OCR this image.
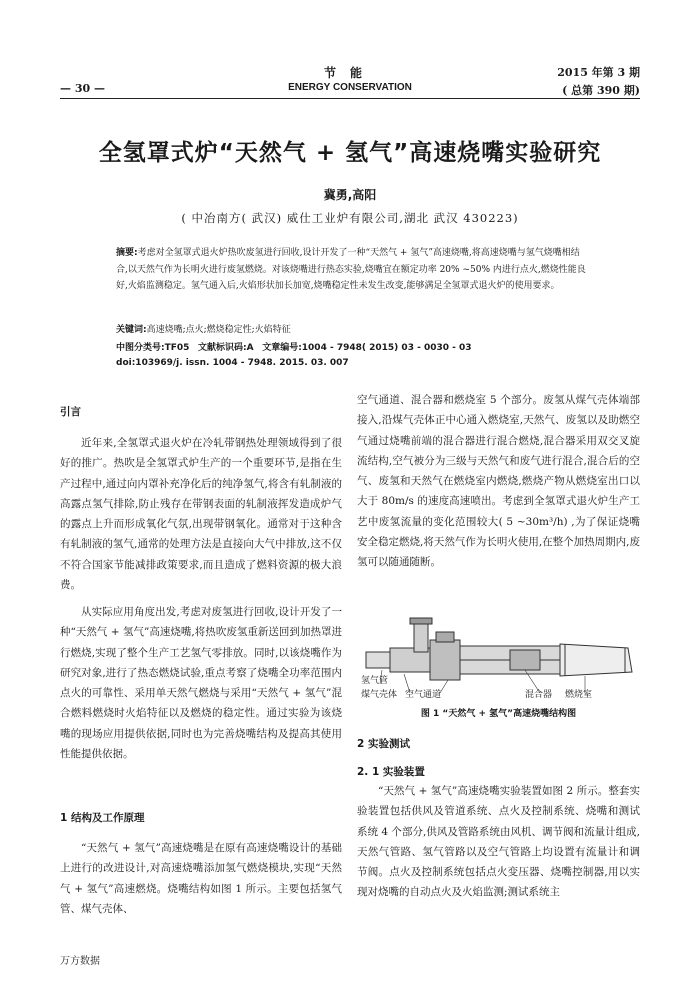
节能
ENERGY CONSERVATION
— 30 —
2015 年第 3 期
( 总第 390 期)
全氢罩式炉“天然气 + 氢气”高速烧嘴实验研究
冀勇,高阳
( 中冶南方( 武汉) 威仕工业炉有限公司,湖北 武汉 430223)
摘要:考虑对全氢罩式退火炉热吹废氢进行回收,设计开发了一种“天然气 + 氢气”高速烧嘴,将高速烧嘴与氢气烧嘴相结合,以天然气作为长明火进行废氢燃烧。对该烧嘴进行热态实验,烧嘴宜在额定功率 20% ~50% 内进行点火,燃烧性能良好,火焰监测稳定。氢气通入后,火焰形状加长加宽,烧嘴稳定性未发生改变,能够满足全氢罩式退火炉的使用要求。
关键词:高速烧嘴;点火;燃烧稳定性;火焰特征
中图分类号:TF05 文献标识码:A 文章编号:1004 - 7948( 2015) 03 - 0030 - 03
doi:103969/j. issn. 1004 - 7948. 2015. 03. 007
引言
近年来,全氢罩式退火炉在冷轧带钢热处理领域得到了很好的推广。热吹是全氢罩式炉生产的一个重要环节,是指在生产过程中,通过向内罩补充净化后的纯净氢气,将含有轧制液的高露点氢气排除,防止残存在带钢表面的轧制液挥发造成炉气的露点上升而形成氧化气氛,出现带钢氧化。通常对于这种含有轧制液的氢气,通常的处理方法是直接向大气中排放,这不仅不符合国家节能减排政策要求,而且造成了燃料资源的极大浪费。
从实际应用角度出发,考虑对废氢进行回收,设计开发了一种“天然气 + 氢气”高速烧嘴,将热吹废氢重新送回到加热罩进行燃烧,实现了整个生产工艺氢气零排放。同时,以该烧嘴作为研究对象,进行了热态燃烧试验,重点考察了烧嘴全功率范围内点火的可靠性、采用单天然气燃烧与采用“天然气 + 氢气”混合燃料燃烧时火焰特征以及燃烧的稳定性。通过实验为该烧嘴的现场应用提供依据,同时也为完善烧嘴结构及提高其使用性能提供依据。
1 结构及工作原理
“天然气 + 氢气”高速烧嘴是在原有高速烧嘴设计的基础上进行的改进设计,对高速烧嘴添加氢气燃烧模块,实现“天然气 + 氢气”高速燃烧。烧嘴结构如图 1 所示。主要包括氢气管、煤气壳体、
空气通道、混合器和燃烧室 5 个部分。废氢从煤气壳体端部接入,沿煤气壳体正中心通入燃烧室,天然气、废氢以及助燃空气通过烧嘴前端的混合器进行混合燃烧,混合器采用双交叉旋流结构,空气被分为三级与天然气和废气进行混合,混合后的空气、废氢和天然气在燃烧室内燃烧,燃烧产物从燃烧室出口以大于 80m/s 的速度高速喷出。考虑到全氢罩式退火炉生产工艺中废氢流量的变化范围较大( 5 ~30m³/h) ,为了保证烧嘴安全稳定燃烧,将天然气作为长明火使用,在整个加热周期内,废氢可以随通随断。
氢气管
煤气壳体 空气通道	混合器 燃烧室
图 1 “天然气 + 氢气”高速烧嘴结构图
2 实验测试
2. 1 实验装置
“天然气 + 氢气”高速烧嘴实验装置如图 2 所示。整套实验装置包括供风及管道系统、点火及控制系统、烧嘴和测试系统 4 个部分,供风及管路系统由风机、调节阀和流量计组成,天然气管路、氢气管路以及空气管路上均设置有流量计和调节阀。点火及控制系统包括点火变压器、烧嘴控制器,用以实现对烧嘴的自动点火及火焰监测;测试系统主
万方数据
